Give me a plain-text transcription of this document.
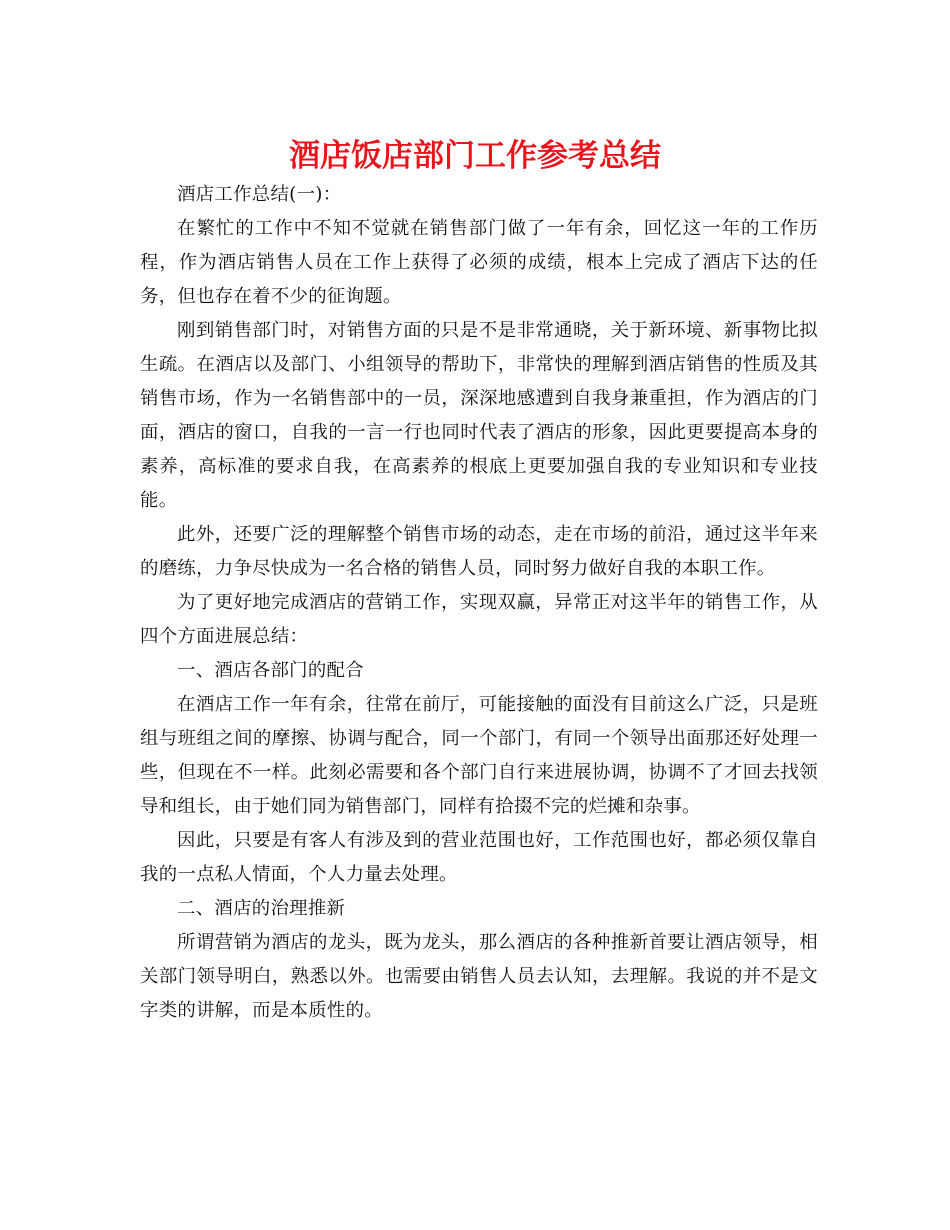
酒店饭店部门工作参考总结

酒店工作总结(一)：

在繁忙的工作中不知不觉就在销售部门做了一年有余，回忆这一年的工作历程，作为酒店销售人员在工作上获得了必须的成绩，根本上完成了酒店下达的任务，但也存在着不少的征询题。

刚到销售部门时，对销售方面的只是不是非常通晓，关于新环境、新事物比拟生疏。在酒店以及部门、小组领导的帮助下，非常快的理解到酒店销售的性质及其销售市场，作为一名销售部中的一员，深深地感遭到自我身兼重担，作为酒店的门面，酒店的窗口，自我的一言一行也同时代表了酒店的形象，因此更要提高本身的素养，高标准的要求自我，在高素养的根底上更要加强自我的专业知识和专业技能。

此外，还要广泛的理解整个销售市场的动态，走在市场的前沿，通过这半年来的磨练，力争尽快成为一名合格的销售人员，同时努力做好自我的本职工作。

为了更好地完成酒店的营销工作，实现双赢，异常正对这半年的销售工作，从四个方面进展总结：

一、酒店各部门的配合

在酒店工作一年有余，往常在前厅，可能接触的面没有目前这么广泛，只是班组与班组之间的摩擦、协调与配合，同一个部门，有同一个领导出面那还好处理一些，但现在不一样。此刻必需要和各个部门自行来进展协调，协调不了才回去找领导和组长，由于她们同为销售部门，同样有拾掇不完的烂摊和杂事。

因此，只要是有客人有涉及到的营业范围也好，工作范围也好，都必须仅靠自我的一点私人情面，个人力量去处理。

二、酒店的治理推新

所谓营销为酒店的龙头，既为龙头，那么酒店的各种推新首要让酒店领导，相关部门领导明白，熟悉以外。也需要由销售人员去认知，去理解。我说的并不是文字类的讲解，而是本质性的。
